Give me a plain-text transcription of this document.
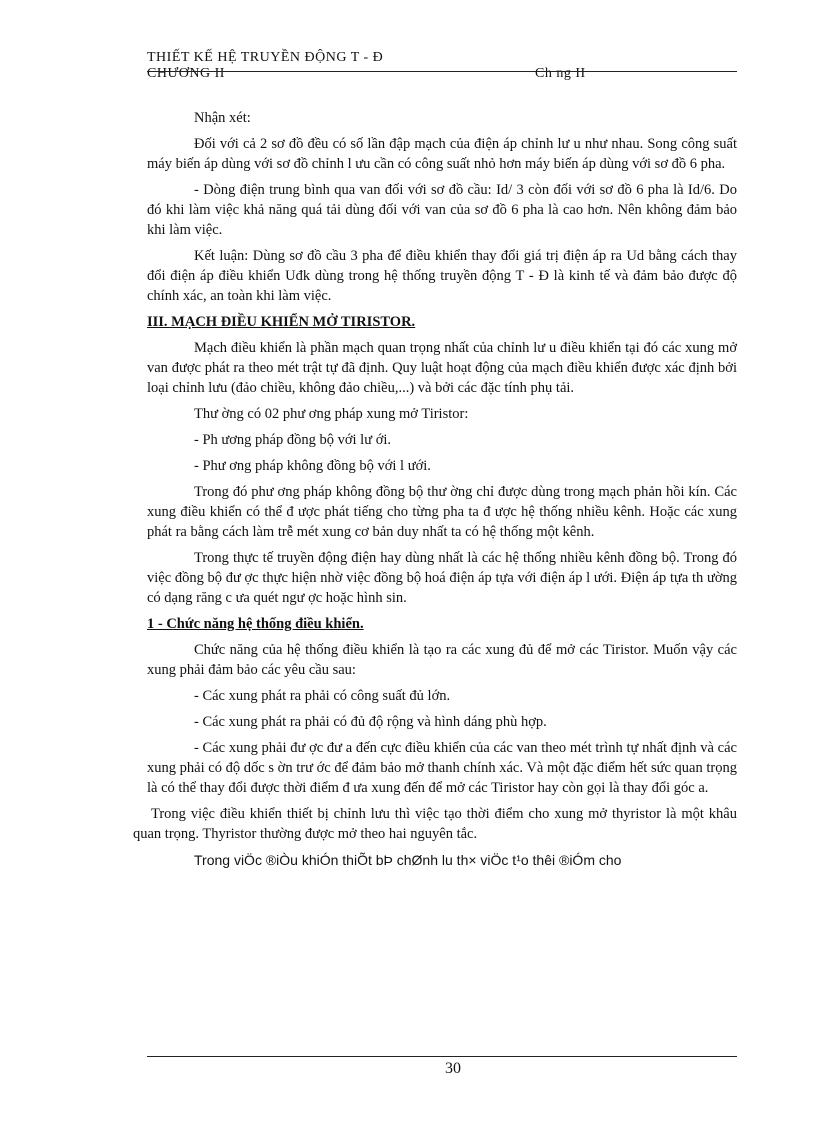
THIẾT KẾ HỆ TRUYỀN ĐỘNG T - Đ
CHƯƠNG II	Ch ng II

Nhận xét:

Đối với cả 2 sơ đồ đều có số lần đập mạch của điện áp chỉnh lư u như nhau. Song công suất máy biến áp dùng với sơ đồ chỉnh l ưu cần có công suất nhỏ hơn máy biến áp dùng với sơ đồ 6 pha.

- Dòng điện trung bình qua van đối với sơ đồ cầu: Id/ 3 còn đối với sơ đồ 6 pha là Id/6. Do đó khi làm việc khả năng quá tải dùng đối với van của sơ đồ 6 pha là cao hơn. Nên không đảm bảo khi làm việc.

Kết luận: Dùng sơ đồ cầu 3 pha để điều khiển thay đổi giá trị điện áp ra Ud bằng cách thay đổi điện áp điều khiển Uđk dùng trong hệ thống truyền động T - Đ là kinh tế và đảm bảo được độ chính xác, an toàn khi làm việc.

III. MẠCH ĐIỀU KHIỂN MỞ TIRISTOR.

Mạch điều khiển là phần mạch quan trọng nhất của chỉnh lư u điều khiển tại đó các xung mở van được phát ra theo mét trật tự đã định. Quy luật hoạt động của mạch điều khiển được xác định bởi loại chỉnh lưu (đảo chiều, không đảo chiều,...) và bởi các đặc tính phụ tải.

Thư ờng có 02 phư ơng pháp xung mở Tiristor:

- Ph ương pháp đồng bộ với lư ới.

- Phư ơng pháp không đồng bộ với l ưới.

Trong đó phư ơng pháp không đồng bộ thư ờng chỉ được dùng trong mạch phản hồi kín. Các xung điều khiển có thể đ ược phát tiếng cho từng pha ta đ ược hệ thống nhiều kênh. Hoặc các xung phát ra bằng cách làm trễ mét xung cơ bản duy nhất ta có hệ thống một kênh.

Trong thực tế truyền động điện hay dùng nhất là các hệ thống nhiều kênh đồng bộ. Trong đó việc đồng bộ đư ợc thực hiện nhờ việc đồng bộ hoá điện áp tựa với điện áp l ưới. Điện áp tựa th ường có dạng răng c ưa quét ngư ợc hoặc hình sin.

1 - Chức năng hệ thống điều khiển.

Chức năng của hệ thống điều khiển là tạo ra các xung đủ để mở các Tiristor. Muốn vậy các xung phải đảm bảo các yêu cầu sau:

- Các xung phát ra phải có công suất đủ lớn.

- Các xung phát ra phải có đủ độ rộng và hình dáng phù hợp.

- Các xung phải đư ợc đư a đến cực điều khiển của các van theo mét trình tự nhất định và các xung phải có độ dốc s ờn trư ớc để đảm bảo mở thanh chính xác. Và một đặc điểm hết sức quan trọng là có thể thay đổi được thời điểm đ ưa xung đến để mở các Tiristor hay còn gọi là thay đổi góc a.

Trong việc điều khiển thiết bị chỉnh lưu thì việc tạo thời điểm cho xung mở thyristor là một khâu quan trọng. Thyristor thường được mở theo hai nguyên tắc.

Trong viÖc ®iÒu khiÓn thiÕt bÞ chØnh lu th× viÖc t¹o thêi ®iÓm cho

30
